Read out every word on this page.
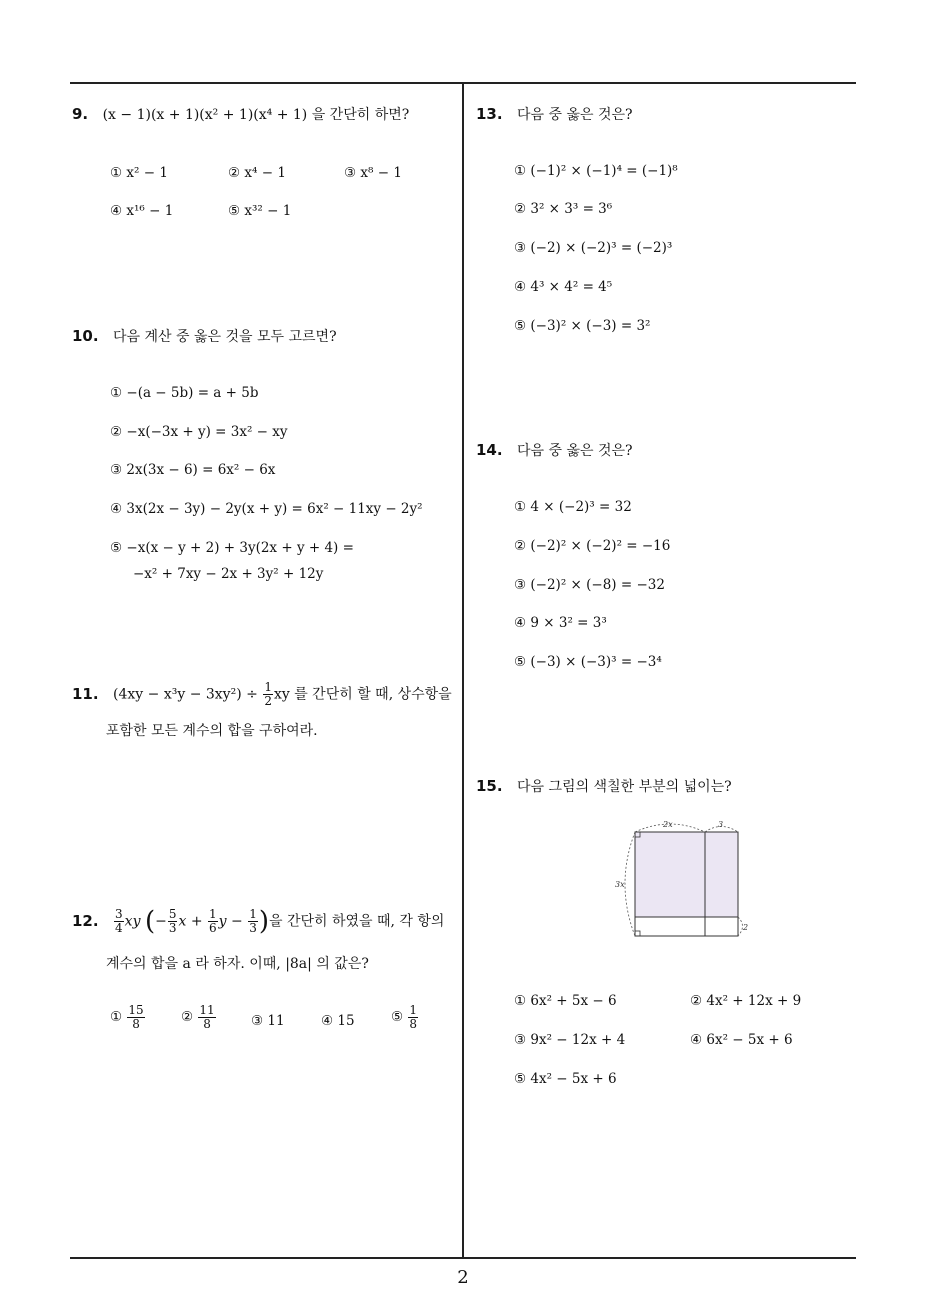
9. (x − 1)(x + 1)(x² + 1)(x⁴ + 1) 을 간단히 하면?
① x² − 1	② x⁴ − 1	③ x⁸ − 1
④ x¹⁶ − 1	⑤ x³² − 1
10. 다음 계산 중 옳은 것을 모두 고르면?
① −(a − 5b) = a + 5b
② −x(−3x + y) = 3x² − xy
③ 2x(3x − 6) = 6x² − 6x
④ 3x(2x − 3y) − 2y(x + y) = 6x² − 11xy − 2y²
⑤ −x(x − y + 2) + 3y(2x + y + 4) =
−x² + 7xy − 2x + 3y² + 12y
11. $(4xy - x^3y - 3xy^2) \div \frac{1}{2}$ xy 를 간단히 할 때, 상수항을
포함한 모든 계수의 합을 구하여라.
12. $\frac{3}{4}$ xy (− $\frac{5}{3}$ $x + \frac{1}{6}$ $y - \frac{1}{3}$ )을 간단히 하였을 때, 각 항의
계수의 합을 a 라 하자. 이때, |8a| 의 값은?
① $\frac{15}{8}$	② $\frac{11}{8}$	③ 11	④ 15	⑤ $\frac{1}{8}$
13. 다음 중 옳은 것은?
① (−1)² × (−1)⁴ = (−1)⁸
② 3² × 3³ = 3⁶
③ (−2) × (−2)³ = (−2)³
④ 4³ × 4² = 4⁵
⑤ (−3)² × (−3) = 3²
14. 다음 중 옳은 것은?
① 4 × (−2)³ = 32
② (−2)² × (−2)² = −16
③ (−2)² × (−8) = −32
④ 9 × 3² = 3³
⑤ (−3) × (−3)³ = −3⁴
15. 다음 그림의 색칠한 부분의 넓이는?
2x	3
3x
2
① 6x² + 5x − 6	② 4x² + 12x + 9
③ 9x² − 12x + 4	④ 6x² − 5x + 6
⑤ 4x² − 5x + 6
2
